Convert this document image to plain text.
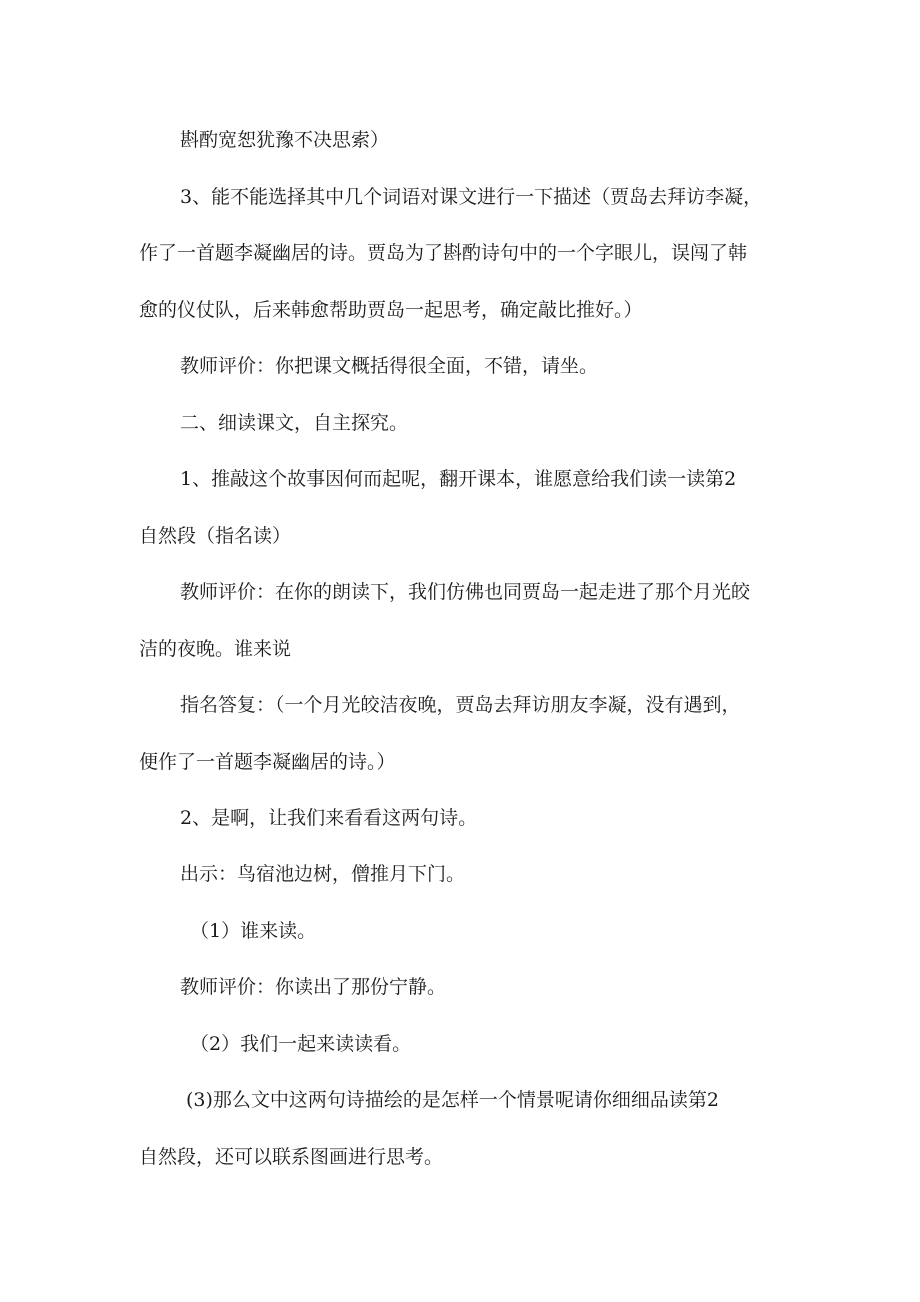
斟酌宽恕犹豫不决思索）
3、能不能选择其中几个词语对课文进行一下描述（贾岛去拜访李凝，
作了一首题李凝幽居的诗。贾岛为了斟酌诗句中的一个字眼儿，误闯了韩
愈的仪仗队，后来韩愈帮助贾岛一起思考，确定敲比推好。）
教师评价：你把课文概括得很全面，不错，请坐。
二、细读课文，自主探究。
1、推敲这个故事因何而起呢，翻开课本，谁愿意给我们读一读第2
自然段（指名读）
教师评价：在你的朗读下，我们仿佛也同贾岛一起走进了那个月光皎
洁的夜晚。谁来说
指名答复：（一个月光皎洁夜晚，贾岛去拜访朋友李凝，没有遇到，
便作了一首题李凝幽居的诗。）
2、是啊，让我们来看看这两句诗。
出示：鸟宿池边树，僧推月下门。
（1）谁来读。
教师评价：你读出了那份宁静。
（2）我们一起来读读看。
(3)那么文中这两句诗描绘的是怎样一个情景呢请你细细品读第2
自然段，还可以联系图画进行思考。
